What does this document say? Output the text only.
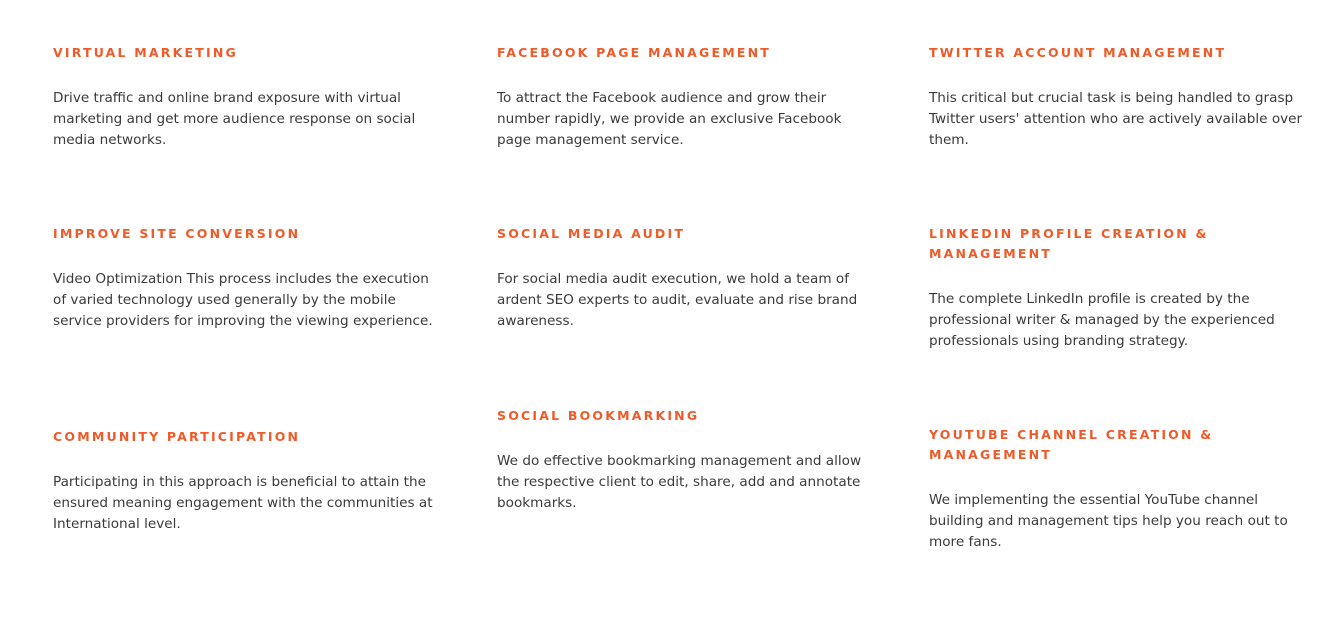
VIRTUAL MARKETING

Drive traffic and online brand exposure with virtual marketing and get more audience response on social media networks.

IMPROVE SITE CONVERSION

Video Optimization This process includes the execution of varied technology used generally by the mobile service providers for improving the viewing experience.

COMMUNITY PARTICIPATION

Participating in this approach is beneficial to attain the ensured meaning engagement with the communities at International level.

FACEBOOK PAGE MANAGEMENT

To attract the Facebook audience and grow their number rapidly, we provide an exclusive Facebook page management service.

SOCIAL MEDIA AUDIT

For social media audit execution, we hold a team of ardent SEO experts to audit, evaluate and rise brand awareness.

SOCIAL BOOKMARKING

We do effective bookmarking management and allow the respective client to edit, share, add and annotate bookmarks.

TWITTER ACCOUNT MANAGEMENT

This critical but crucial task is being handled to grasp Twitter users' attention who are actively available over them.

LINKEDIN PROFILE CREATION & MANAGEMENT

The complete LinkedIn profile is created by the professional writer & managed by the experienced professionals using branding strategy.

YOUTUBE CHANNEL CREATION & MANAGEMENT

We implementing the essential YouTube channel building and management tips help you reach out to more fans.
